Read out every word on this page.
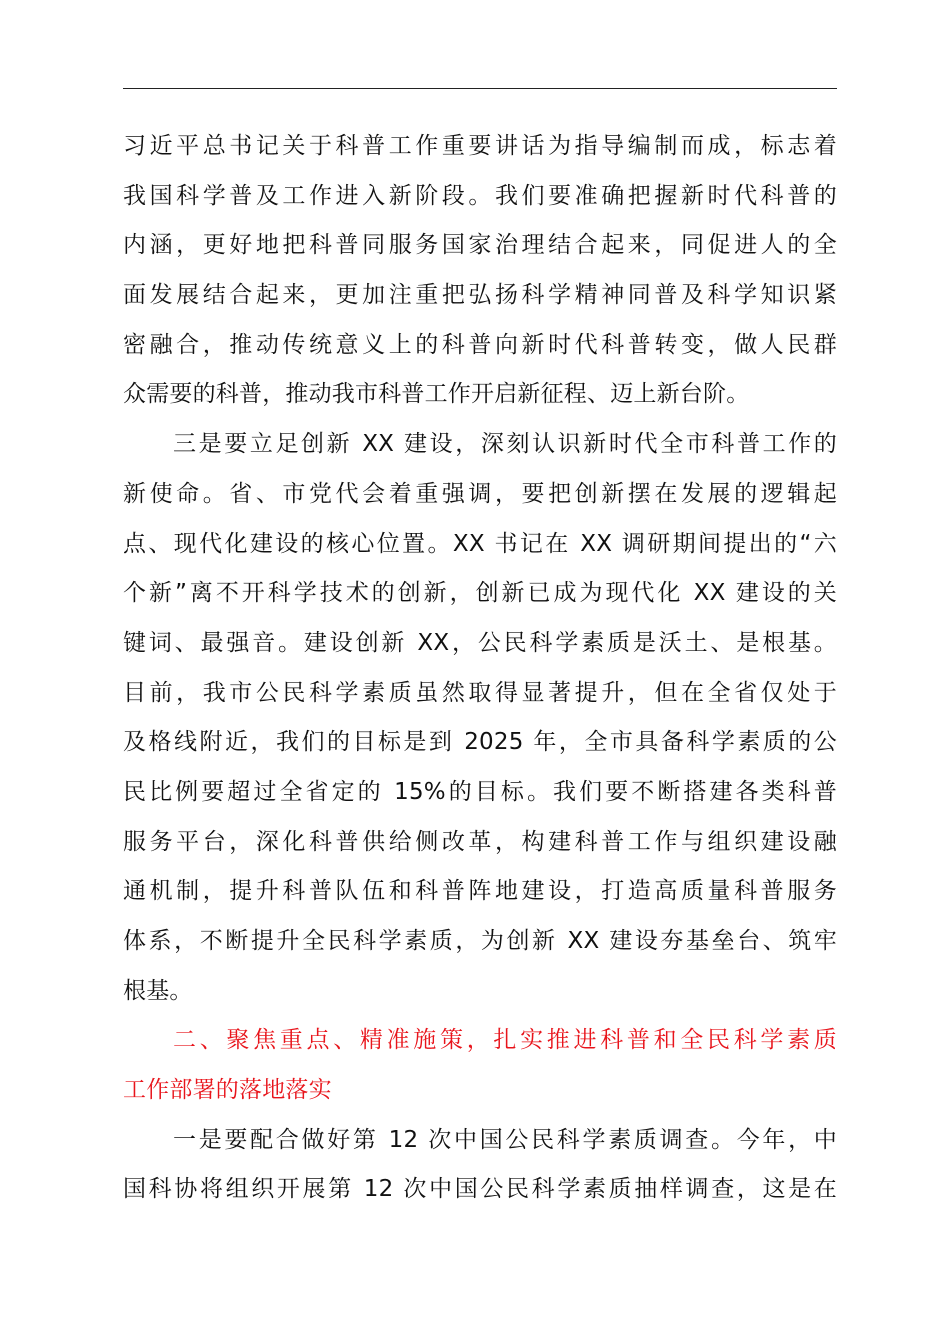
习近平总书记关于科普工作重要讲话为指导编制而成，标志着
我国科学普及工作进入新阶段。我们要准确把握新时代科普的
内涵，更好地把科普同服务国家治理结合起来，同促进人的全
面发展结合起来，更加注重把弘扬科学精神同普及科学知识紧
密融合，推动传统意义上的科普向新时代科普转变，做人民群
众需要的科普，推动我市科普工作开启新征程、迈上新台阶。
三是要立足创新 XX 建设，深刻认识新时代全市科普工作的
新使命。省、市党代会着重强调，要把创新摆在发展的逻辑起
点、现代化建设的核心位置。XX 书记在 XX 调研期间提出的“六
个新”离不开科学技术的创新，创新已成为现代化 XX 建设的关
键词、最强音。建设创新 XX，公民科学素质是沃土、是根基。
目前，我市公民科学素质虽然取得显著提升，但在全省仅处于
及格线附近，我们的目标是到 2025 年，全市具备科学素质的公
民比例要超过全省定的 15%的目标。我们要不断搭建各类科普
服务平台，深化科普供给侧改革，构建科普工作与组织建设融
通机制，提升科普队伍和科普阵地建设，打造高质量科普服务
体系，不断提升全民科学素质，为创新 XX 建设夯基垒台、筑牢
根基。
二、聚焦重点、精准施策，扎实推进科普和全民科学素质
工作部署的落地落实
一是要配合做好第 12 次中国公民科学素质调查。今年，中
国科协将组织开展第 12 次中国公民科学素质抽样调查，这是在
